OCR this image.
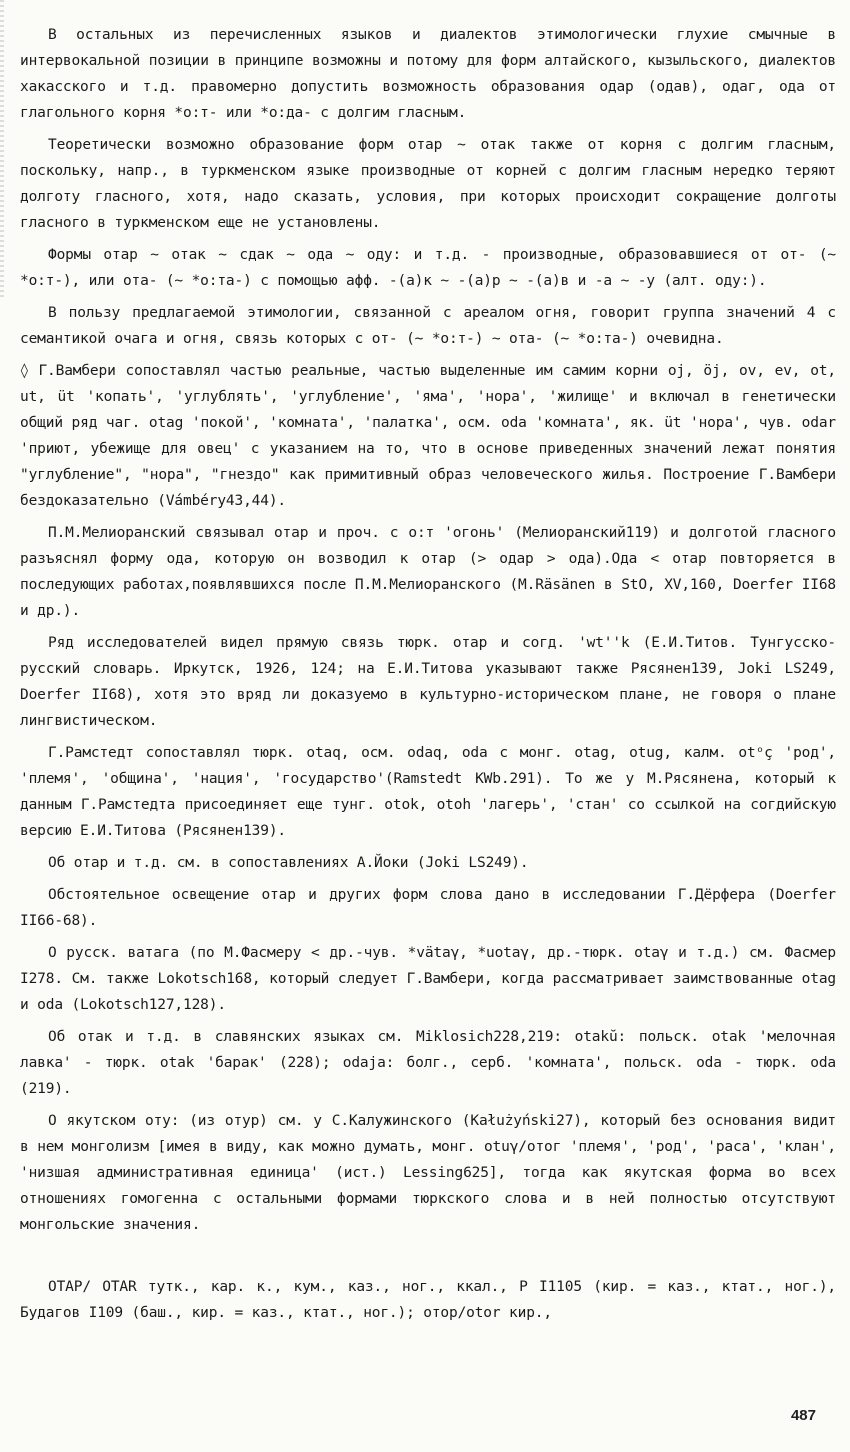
В остальных из перечисленных языков и диалектов этимологически глухие смычные в интервокальной позиции в принципе возможны и потому для форм алтайского, кызыльского, диалектов хакасского и т.д. правомерно допустить возможность образования одар (одав), одаг, ода от глагольного корня *о:т- или *о:да- с долгим гласным.

Теоретически возможно образование форм отар ~ отак также от корня с долгим гласным, поскольку, напр., в туркменском языке производные от корней с долгим гласным нередко теряют долготу гласного, хотя, надо сказать, условия, при которых происходит сокращение долготы гласного в туркменском еще не установлены.

Формы отар ~ отак ~ сдак ~ ода ~ оду: и т.д. - производные, образовавшиеся от от- (~ *о:т-), или ота- (~ *о:та-) с помощью афф. -(а)к ~ -(а)р ~ -(а)в и -а ~ -у (алт. оду:).

В пользу предлагаемой этимологии, связанной с ареалом огня, говорит группа значений 4 с семантикой очага и огня, связь которых с от- (~ *о:т-) ~ ота- (~ *о:та-) очевидна.

◊ Г.Вамбери сопоставлял частью реальные, частью выделенные им самим корни oj, öj, ov, ev, ot, ut, üt 'копать', 'углублять', 'углубление', 'яма', 'нора', 'жилище' и включал в генетически общий ряд чаг. otag 'покой', 'комната', 'палатка', осм. oda 'комната', як. üt 'нора', чув. odar 'приют, убежище для овец' с указанием на то, что в основе приведенных значений лежат понятия "углубление", "нора", "гнездо" как примитивный образ человеческого жилья. Построение Г.Вамбери бездоказательно (Vámbéry43,44).

П.М.Мелиоранский связывал отар и проч. с о:т 'огонь' (Мелиоранский119) и долготой гласного разъяснял форму ода, которую он возводил к отар (> одар > ода).Ода < отар повторяется в последующих работах,появлявшихся после П.М.Мелиоранского (M.Räsänen в StO, XV,160, Doerfer II68 и др.).

Ряд исследователей видел прямую связь тюрк. отар и согд. 'wt''k (Е.И.Титов. Тунгусско-русский словарь. Иркутск, 1926, 124; на Е.И.Титова указывают также Рясянен139, Joki LS249, Doerfer II68), хотя это вряд ли доказуемо в культурно-историческом плане, не говоря о плане лингвистическом.

Г.Рамстедт сопоставлял тюрк. otaq, осм. odaq, oda с монг. otag, otug, калм. otᵒç 'род', 'племя', 'община', 'нация', 'государство'(Ramstedt KWb.291). То же у М.Рясянена, который к данным Г.Рамстедта присоединяет еще тунг. otok, otoh 'лагерь', 'стан' со ссылкой на согдийскую версию Е.И.Титова (Рясянен139).

Об отар и т.д. см. в сопоставлениях А.Йоки (Joki LS249).

Обстоятельное освещение отар и других форм слова дано в исследовании Г.Дёрфера (Doerfer II66-68).

О русск. ватага (по М.Фасмеру < др.-чув. *vätaγ, *uotaγ, др.-тюрк. otaγ и т.д.) см. Фасмер I278. См. также Lokotsch168, который следует Г.Вамбери, когда рассматривает заимствованные otag и oda (Lokotsch127,128).

Об отак и т.д. в славянских языках см. Miklosich228,219: otakŭ: польск. otak 'мелочная лавка' - тюрк. otak 'барак' (228); odaja: болг., серб. 'комната', польск. oda - тюрк. oda (219).

О якутском оту: (из отур) см. у С.Калужинского (Kałużyński27), который без основания видит в нем монголизм [имея в виду, как можно думать, монг. otuγ/отог 'племя', 'род', 'раса', 'клан', 'низшая административная единица' (ист.) Lessing625], тогда как якутская форма во всех отношениях гомогенна с остальными формами тюркского слова и в ней полностью отсутствуют монгольские значения.

ОТАР/ OTAR тутк., кар. к., кум., каз., ног., ккал., Р I1105 (кир. = каз., ктат., ног.), Будагов I109 (баш., кир. = каз., ктат., ног.); отор/otor кир.,

487
